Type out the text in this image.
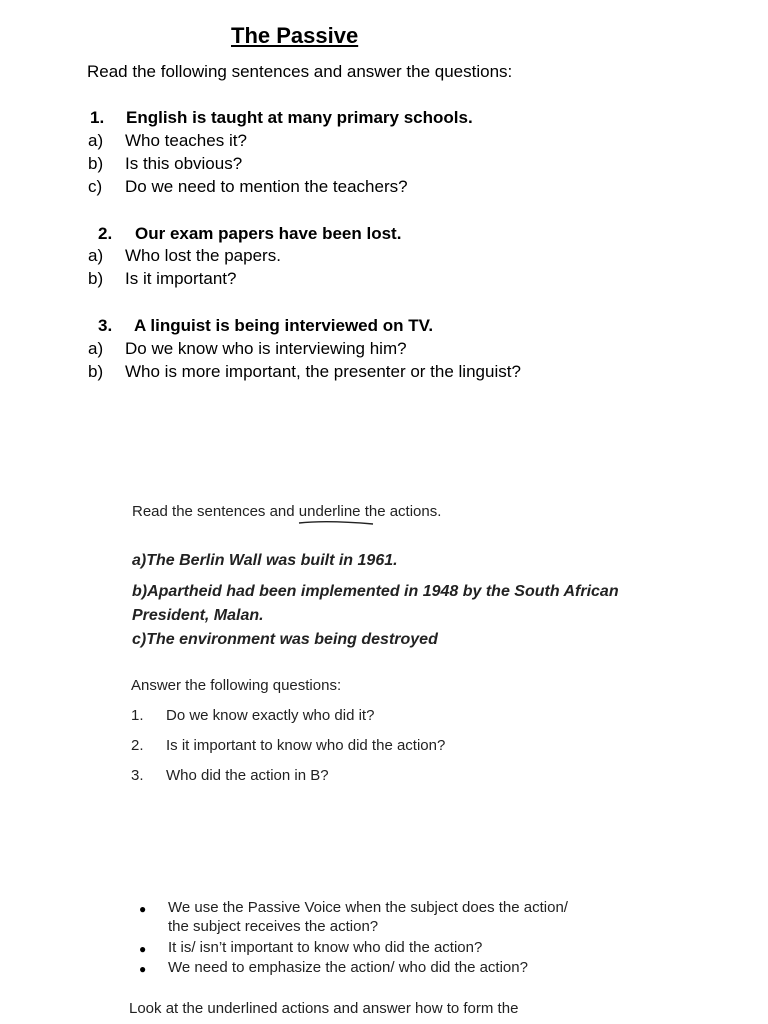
The Passive
Read the following sentences and answer the questions:
1. English is taught at many primary schools.
a) Who teaches it?
b) Is this obvious?
c) Do we need to mention the teachers?
2. Our exam papers have been lost.
a) Who lost the papers.
b) Is it important?
3. A linguist is being interviewed on TV.
a) Do we know who is interviewing him?
b) Who is more important, the presenter or the linguist?
Read the sentences and underline the actions.
a)The Berlin Wall was built in 1961.
b)Apartheid had been implemented in 1948 by the South African
President, Malan.
c)The environment was being destroyed
Answer the following questions:
1. Do we know exactly who did it?
2. Is it important to know who did the action?
3. Who did the action in B?
● We use the Passive Voice when the subject does the action/
the subject receives the action?
● It is/ isn’t important to know who did the action?
● We need to emphasize the action/ who did the action?
Look at the underlined actions and answer how to form the
